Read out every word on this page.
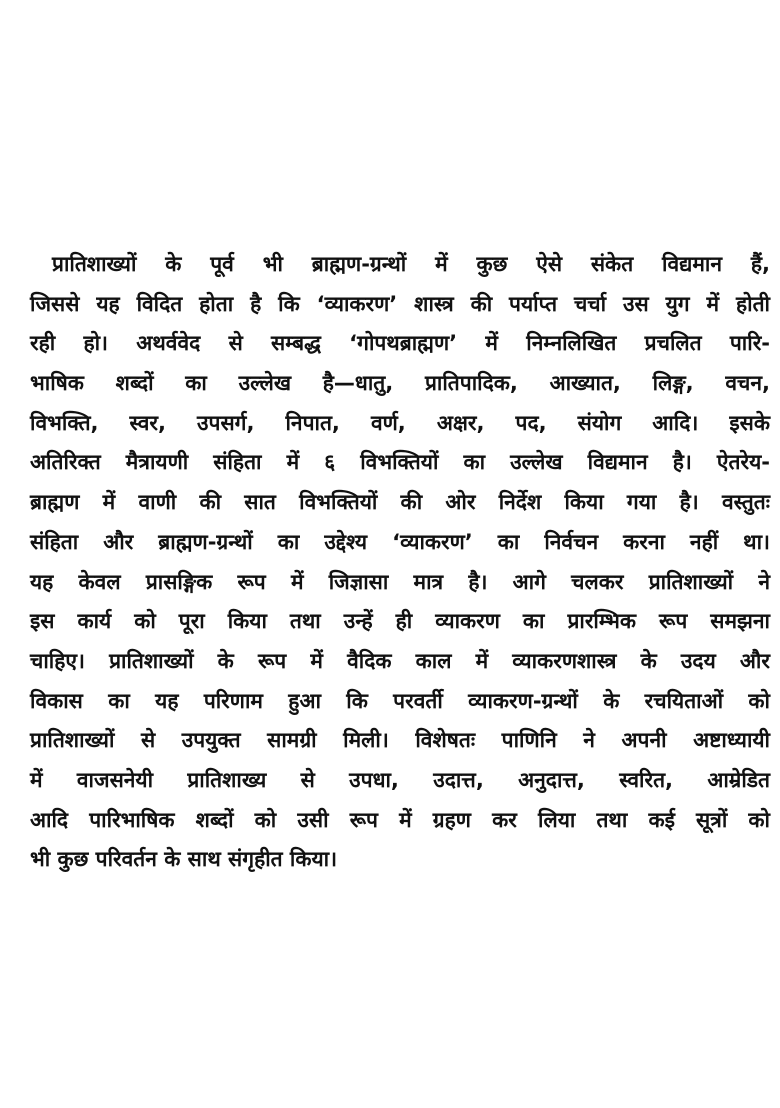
प्रातिशाख्यों के पूर्व भी ब्राह्मण-ग्रन्थों में कुछ ऐसे संकेत विद्यमान हैं,
जिससे यह विदित होता है कि ‘व्याकरण’ शास्त्र की पर्याप्त चर्चा उस युग में होती
रही हो। अथर्ववेद से सम्बद्ध ‘गोपथब्राह्मण’ में निम्नलिखित प्रचलित पारि-
भाषिक शब्दों का उल्लेख है—धातु, प्रातिपादिक, आख्यात, लिङ्ग, वचन,
विभक्ति, स्वर, उपसर्ग, निपात, वर्ण, अक्षर, पद, संयोग आदि। इसके
अतिरिक्त मैत्रायणी संहिता में ६ विभक्तियों का उल्लेख विद्यमान है। ऐतरेय-
ब्राह्मण में वाणी की सात विभक्तियों की ओर निर्देश किया गया है। वस्तुतः
संहिता और ब्राह्मण-ग्रन्थों का उद्देश्य ‘व्याकरण’ का निर्वचन करना नहीं था।
यह केवल प्रासङ्गिक रूप में जिज्ञासा मात्र है। आगे चलकर प्रातिशाख्यों ने
इस कार्य को पूरा किया तथा उन्हें ही व्याकरण का प्रारम्भिक रूप समझना
चाहिए। प्रातिशाख्यों के रूप में वैदिक काल में व्याकरणशास्त्र के उदय और
विकास का यह परिणाम हुआ कि परवर्ती व्याकरण-ग्रन्थों के रचयिताओं को
प्रातिशाख्यों से उपयुक्त सामग्री मिली। विशेषतः पाणिनि ने अपनी अष्टाध्यायी
में वाजसनेयी प्रातिशाख्य से उपधा, उदात्त, अनुदात्त, स्वरित, आम्रेडित
आदि पारिभाषिक शब्दों को उसी रूप में ग्रहण कर लिया तथा कई सूत्रों को
भी कुछ परिवर्तन के साथ संगृहीत किया।
